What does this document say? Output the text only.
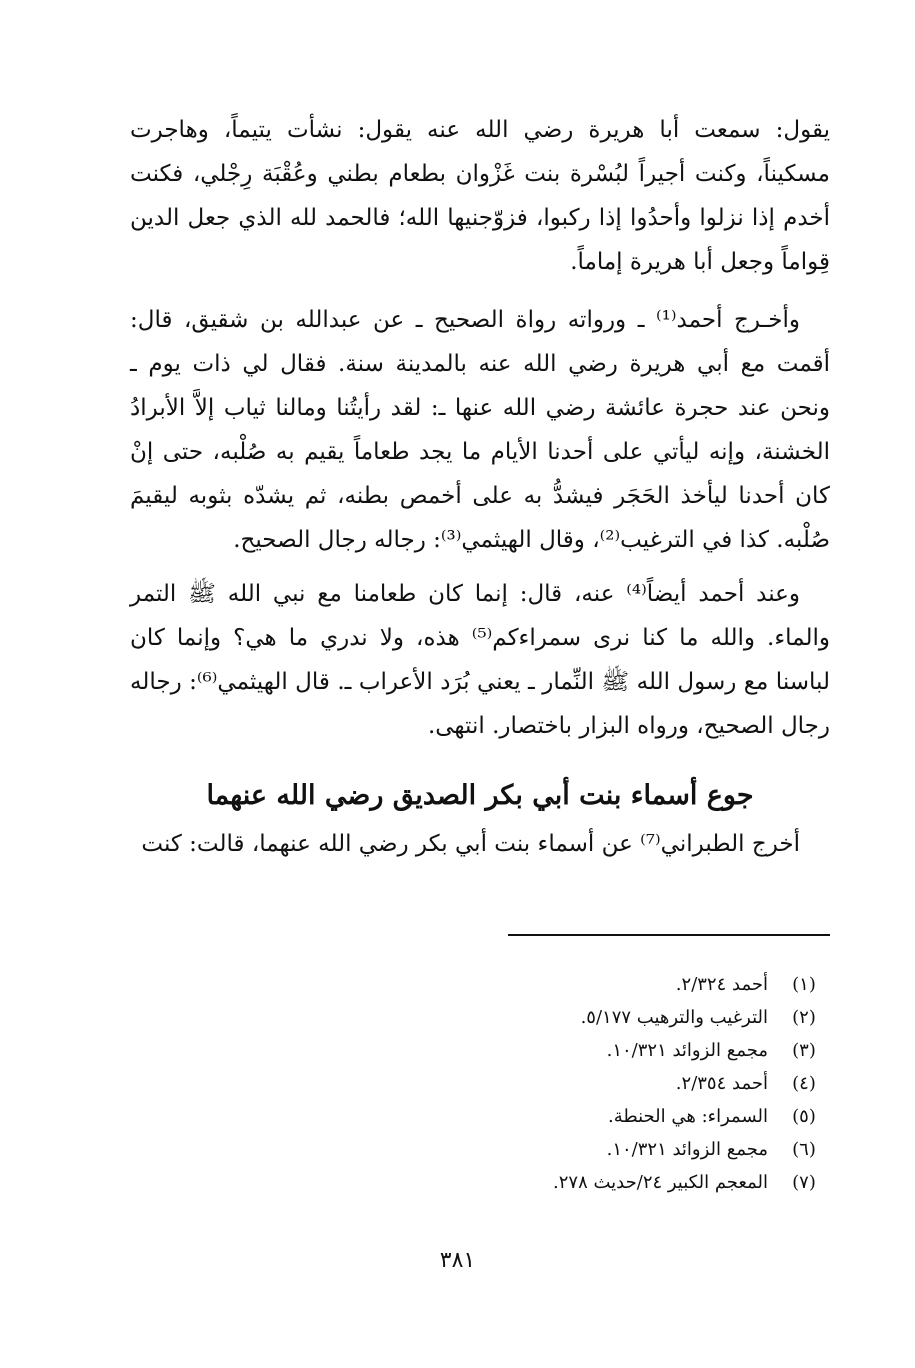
يقول: سمعت أبا هريرة رضي الله عنه يقول: نشأت يتيماً، وهاجرت مسكيناً، وكنت أجيراً لبُسْرة بنت غَزْوان بطعام بطني وعُقْبَة رِجْلي، فكنت أخدم إذا نزلوا وأحدُوا إذا ركبوا، فزوّجنيها الله؛ فالحمد لله الذي جعل الدين قِواماً وجعل أبا هريرة إماماً.

وأخـرج أحمد⁽¹⁾ ـ ورواته رواة الصحيح ـ عن عبدالله بن شقيق، قال: أقمت مع أبي هريرة رضي الله عنه بالمدينة سنة. فقال لي ذات يوم ـ ونحن عند حجرة عائشة رضي الله عنها ـ: لقد رأيتُنا ومالنا ثياب إلاَّ الأبرادُ الخشنة، وإنه ليأتي على أحدنا الأيام ما يجد طعاماً يقيم به صُلْبه، حتى إنْ كان أحدنا ليأخذ الحَجَر فيشدُّ به على أخمص بطنه، ثم يشدّه بثوبه ليقيمَ صُلْبه. كذا في الترغيب⁽²⁾، وقال الهيثمي⁽³⁾: رجاله رجال الصحيح.

وعند أحمد أيضاً⁽⁴⁾ عنه، قال: إنما كان طعامنا مع نبي الله ﷺ التمر والماء. والله ما كنا نرى سمراءكم⁽⁵⁾ هذه، ولا ندري ما هي؟ وإنما كان لباسنا مع رسول الله ﷺ النِّمار ـ يعني بُرَد الأعراب ـ. قال الهيثمي⁽⁶⁾: رجاله رجال الصحيح، ورواه البزار باختصار. انتهى.

جوع أسماء بنت أبي بكر الصديق رضي الله عنهما
أخرج الطبراني⁽⁷⁾ عن أسماء بنت أبي بكر رضي الله عنهما، قالت: كنت
(١)
أحمد ٢/٣٢٤.
(٢)
الترغيب والترهيب ٥/١٧٧.
(٣)
مجمع الزوائد ١٠/٣٢١.
(٤)
أحمد ٢/٣٥٤.
(٥)
السمراء: هي الحنطة.
(٦)
مجمع الزوائد ١٠/٣٢١.
(٧)
المعجم الكبير ٢٤/حديث ٢٧٨.
٣٨١
